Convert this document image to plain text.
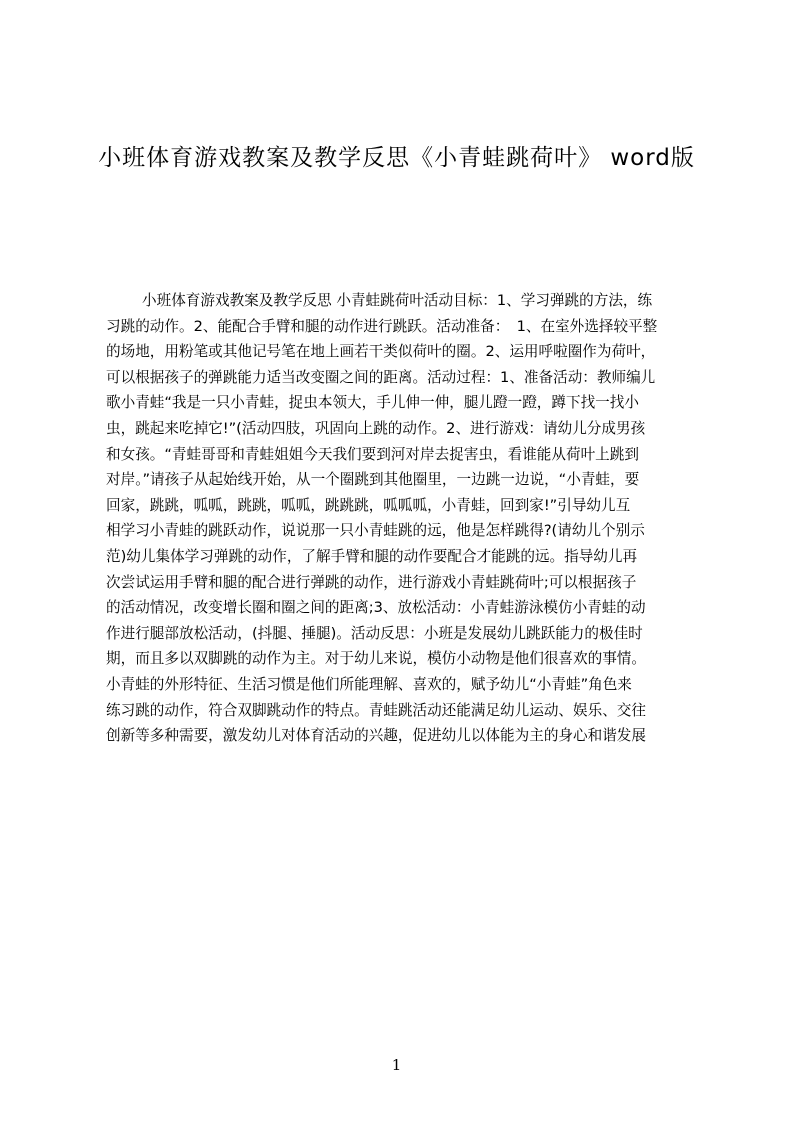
小班体育游戏教案及教学反思《小青蛙跳荷叶》 word版
小班体育游戏教案及教学反思 小青蛙跳荷叶活动目标：1、学习弹跳的方法，练
习跳的动作。2、能配合手臂和腿的动作进行跳跃。活动准备：　1、在室外选择较平整
的场地，用粉笔或其他记号笔在地上画若干类似荷叶的圈。2、运用呼啦圈作为荷叶，
可以根据孩子的弹跳能力适当改变圈之间的距离。活动过程：1、准备活动：教师编儿
歌小青蛙“我是一只小青蛙，捉虫本领大，手儿伸一伸，腿儿蹬一蹬，蹲下找一找小
虫，跳起来吃掉它!”(活动四肢，巩固向上跳的动作。2、进行游戏：请幼儿分成男孩
和女孩。“青蛙哥哥和青蛙姐姐今天我们要到河对岸去捉害虫，看谁能从荷叶上跳到
对岸。”请孩子从起始线开始，从一个圈跳到其他圈里，一边跳一边说，“小青蛙，要
回家，跳跳，呱呱，跳跳，呱呱，跳跳跳，呱呱呱，小青蛙，回到家!”引导幼儿互
相学习小青蛙的跳跃动作，说说那一只小青蛙跳的远，他是怎样跳得?(请幼儿个别示
范)幼儿集体学习弹跳的动作，了解手臂和腿的动作要配合才能跳的远。指导幼儿再
次尝试运用手臂和腿的配合进行弹跳的动作，进行游戏小青蛙跳荷叶;可以根据孩子
的活动情况，改变增长圈和圈之间的距离;3、放松活动：小青蛙游泳模仿小青蛙的动
作进行腿部放松活动，(抖腿、捶腿)。活动反思：小班是发展幼儿跳跃能力的极佳时
期，而且多以双脚跳的动作为主。对于幼儿来说，模仿小动物是他们很喜欢的事情。
小青蛙的外形特征、生活习惯是他们所能理解、喜欢的，赋予幼儿“小青蛙”角色来
练习跳的动作，符合双脚跳动作的特点。青蛙跳活动还能满足幼儿运动、娱乐、交往
创新等多种需要，激发幼儿对体育活动的兴趣，促进幼儿以体能为主的身心和谐发展
1
